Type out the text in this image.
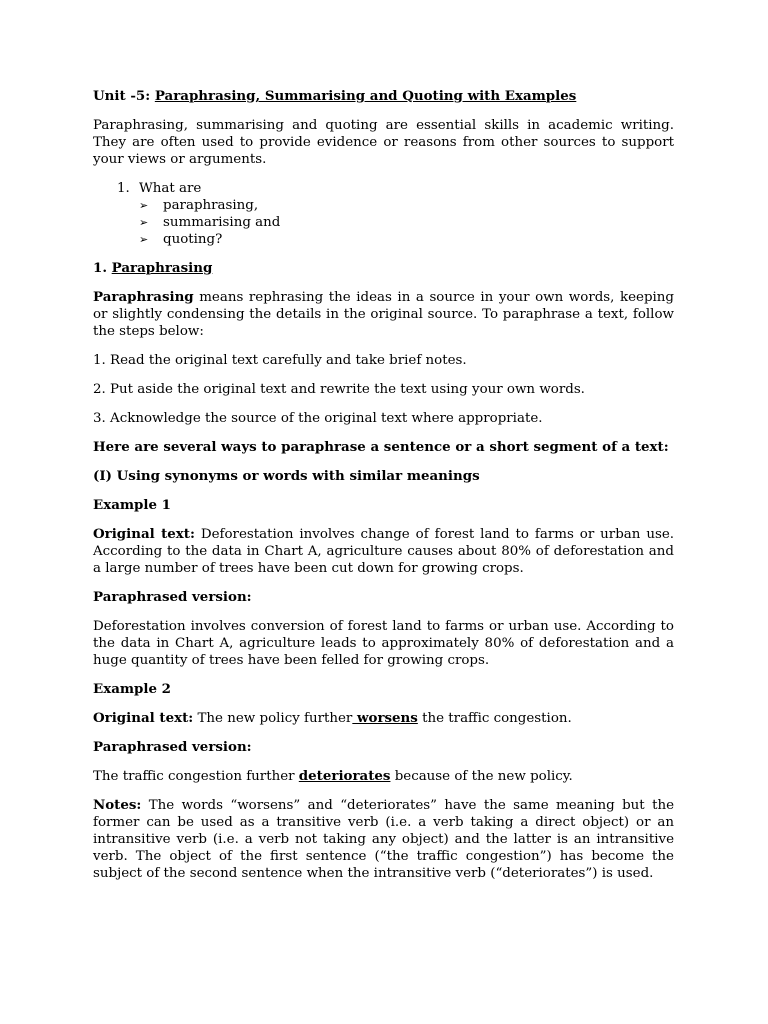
Unit -5: Paraphrasing, Summarising and Quoting with Examples

Paraphrasing, summarising and quoting are essential skills in academic writing. They are often used to provide evidence or reasons from other sources to support your views or arguments.

1. What are
➢ paraphrasing,
➢ summarising and
➢ quoting?

1. Paraphrasing

Paraphrasing means rephrasing the ideas in a source in your own words, keeping or slightly condensing the details in the original source. To paraphrase a text, follow the steps below:

1. Read the original text carefully and take brief notes.

2. Put aside the original text and rewrite the text using your own words.

3. Acknowledge the source of the original text where appropriate.

Here are several ways to paraphrase a sentence or a short segment of a text:

(I) Using synonyms or words with similar meanings

Example 1

Original text: Deforestation involves change of forest land to farms or urban use. According to the data in Chart A, agriculture causes about 80% of deforestation and a large number of trees have been cut down for growing crops.

Paraphrased version:

Deforestation involves conversion of forest land to farms or urban use. According to the data in Chart A, agriculture leads to approximately 80% of deforestation and a huge quantity of trees have been felled for growing crops.

Example 2

Original text: The new policy further worsens the traffic congestion.

Paraphrased version:

The traffic congestion further deteriorates because of the new policy.

Notes: The words “worsens” and “deteriorates” have the same meaning but the former can be used as a transitive verb (i.e. a verb taking a direct object) or an intransitive verb (i.e. a verb not taking any object) and the latter is an intransitive verb. The object of the first sentence (“the traffic congestion”) has become the subject of the second sentence when the intransitive verb (“deteriorates”) is used.
